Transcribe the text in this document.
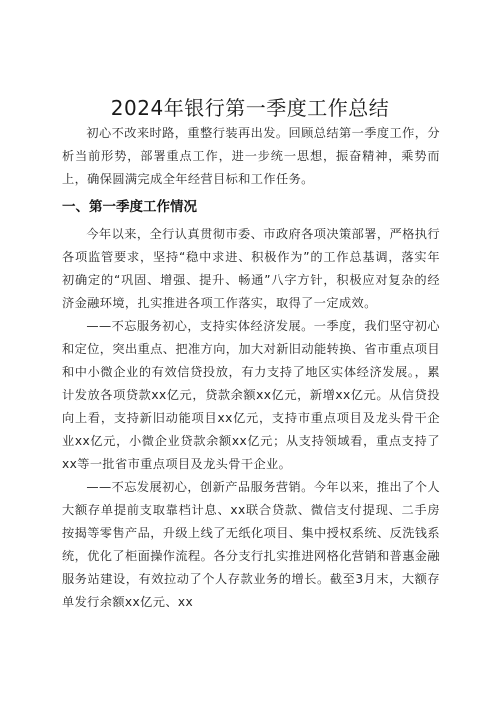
2024年银行第一季度工作总结

初心不改来时路，重整行装再出发。回顾总结第一季度工作，分析当前形势，部署重点工作，进一步统一思想，振奋精神，乘势而上，确保圆满完成全年经营目标和工作任务。

一、第一季度工作情况

今年以来，全行认真贯彻市委、市政府各项决策部署，严格执行各项监管要求，坚持“稳中求进、积极作为”的工作总基调，落实年初确定的“巩固、增强、提升、畅通”八字方针，积极应对复杂的经济金融环境，扎实推进各项工作落实，取得了一定成效。

——不忘服务初心，支持实体经济发展。一季度，我们坚守初心和定位，突出重点、把准方向，加大对新旧动能转换、省市重点项目和中小微企业的有效信贷投放，有力支持了地区实体经济发展。，累计发放各项贷款xx亿元，贷款余额xx亿元，新增xx亿元。从信贷投向上看，支持新旧动能项目xx亿元，支持市重点项目及龙头骨干企业xx亿元，小微企业贷款余额xx亿元；从支持领域看，重点支持了xx等一批省市重点项目及龙头骨干企业。

——不忘发展初心，创新产品服务营销。今年以来，推出了个人大额存单提前支取靠档计息、xx联合贷款、微信支付提现、二手房按揭等零售产品，升级上线了无纸化项目、集中授权系统、反洗钱系统，优化了柜面操作流程。各分支行扎实推进网格化营销和普惠金融服务站建设，有效拉动了个人存款业务的增长。截至3月末，大额存单发行余额xx亿元、xx
